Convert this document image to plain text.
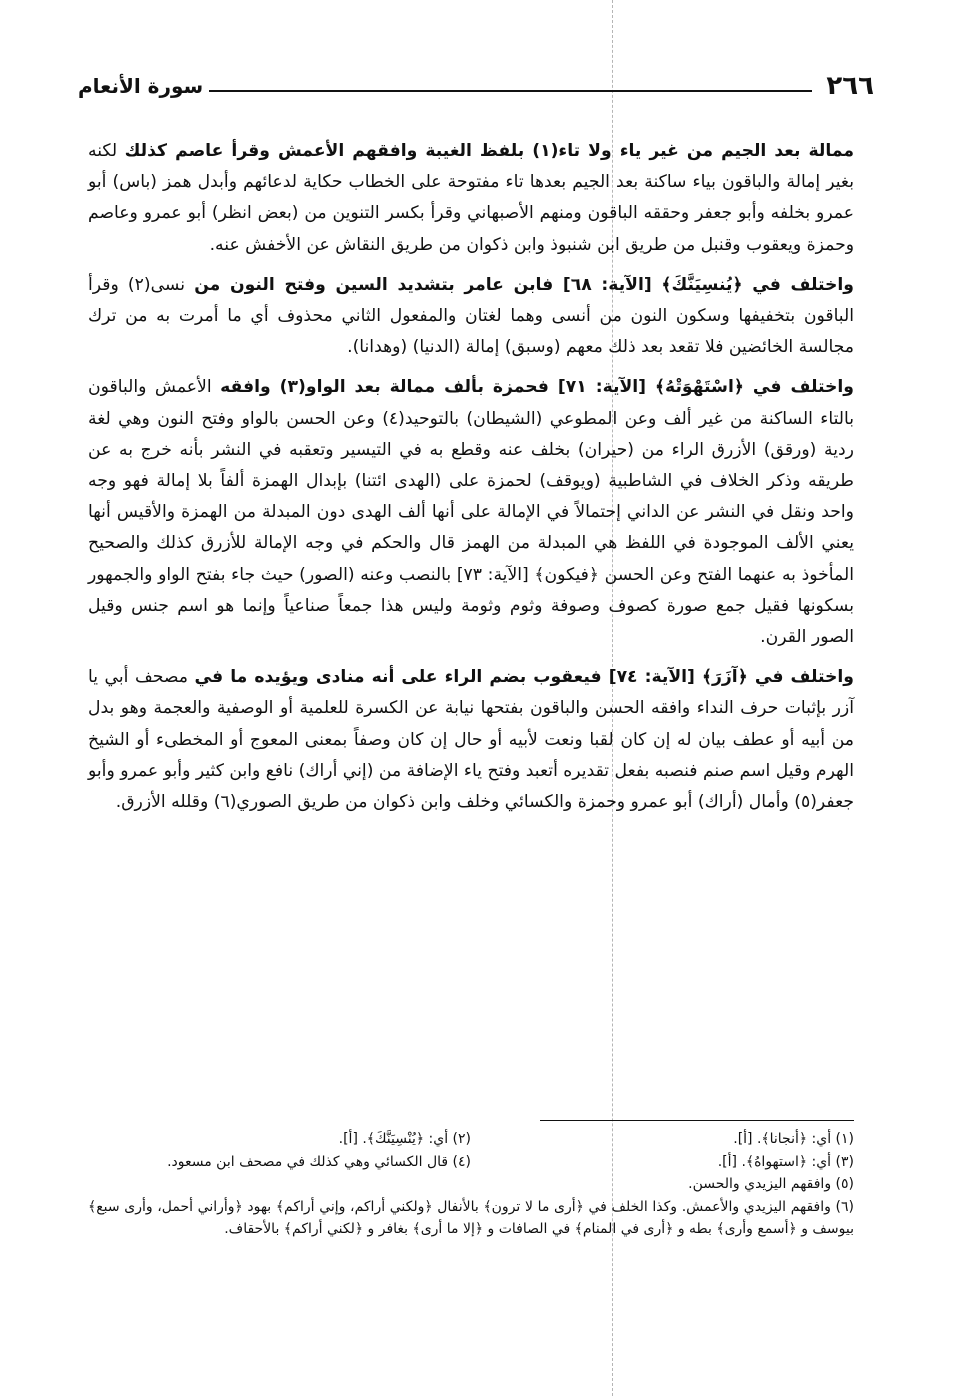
٢٦٦
سورة الأنعام

ممالة بعد الجيم من غير ياء ولا تاء(١) بلفظ الغيبة وافقهم الأعمش وقرأ عاصم كذلك لكنه بغير إمالة والباقون بياء ساكنة بعد الجيم بعدها تاء مفتوحة على الخطاب حكاية لدعائهم وأبدل همز (باس) أبو عمرو بخلفه وأبو جعفر وحققه الباقون ومنهم الأصبهاني وقرأ بكسر التنوين من (بعض انظر) أبو عمرو وعاصم وحمزة ويعقوب وقنبل من طريق ابن شنبوذ وابن ذكوان من طريق النقاش عن الأخفش عنه.

واختلف في ﴿يُنسِيَنَّكَ﴾ [الآية: ٦٨] فابن عامر بتشديد السين وفتح النون من نسى(٢) وقرأ الباقون بتخفيفها وسكون النون من أنسى وهما لغتان والمفعول الثاني محذوف أي ما أمرت به من ترك مجالسة الخائضين فلا تقعد بعد ذلك معهم (وسبق) إمالة (الدنيا) (وهدانا).

واختلف في ﴿اسْتَهْوَتْهُ﴾ [الآية: ٧١] فحمزة بألف ممالة بعد الواو(٣) وافقه الأعمش والباقون بالتاء الساكنة من غير ألف وعن المطوعي (الشيطان) بالتوحيد(٤) وعن الحسن بالواو وفتح النون وهي لغة ردية (ورقق) الأزرق الراء من (حيران) بخلف عنه وقطع به في التيسير وتعقبه في النشر بأنه خرج به عن طريقه وذكر الخلاف في الشاطبية (ويوقف) لحمزة على (الهدى ائتنا) بإبدال الهمزة ألفاً بلا إمالة فهو وجه واحد ونقل في النشر عن الداني إحتمالاً في الإمالة على أنها ألف الهدى دون المبدلة من الهمزة والأقيس أنها يعني الألف الموجودة في اللفظ هي المبدلة من الهمز قال والحكم في وجه الإمالة للأزرق كذلك والصحيح المأخوذ به عنهما الفتح وعن الحسن ﴿فيكون﴾ [الآية: ٧٣] بالنصب وعنه (الصور) حيث جاء بفتح الواو والجمهور بسكونها فقيل جمع صورة كصوف وصوفة وثوم وثومة وليس هذا جمعاً صناعياً وإنما هو اسم جنس وقيل الصور القرن.

واختلف في ﴿آزَرَ﴾ [الآية: ٧٤] فيعقوب بضم الراء على أنه منادى ويؤيده ما في مصحف أبي يا آزر بإثبات حرف النداء وافقه الحسن والباقون بفتحها نيابة عن الكسرة للعلمية أو الوصفية والعجمة وهو بدل من أبيه أو عطف بيان له إن كان لقبا ونعت لأبيه أو حال إن كان وصفاً بمعنى المعوج أو المخطىء أو الشيخ الهرم وقيل اسم صنم فنصبه بفعل تقديره أتعبد وفتح ياء الإضافة من (إني أراك) نافع وابن كثير وأبو عمرو وأبو جعفر(٥) وأمال (أراك) أبو عمرو وحمزة والكسائي وخلف وابن ذكوان من طريق الصوري(٦) وقلله الأزرق.

(١) أي: ﴿أنجانا﴾. [أ].
(٢) أي: ﴿يُنْسِيَنَّكَ﴾. [أ].
(٣) أي: ﴿استهواهُ﴾. [أ].
(٤) قال الكسائي وهي كذلك في مصحف ابن مسعود.
(٥) وافقهم اليزيدي والحسن.
(٦) وافقهم اليزيدي والأعمش. وكذا الخلف في ﴿أرى ما لا ترون﴾ بالأنفال ﴿ولكني أراكم، وإني أراكم﴾ بهود ﴿وأراني أحمل، وأرى سبع﴾ بيوسف و ﴿أسمع وأرى﴾ بطه و ﴿أرى في المنام﴾ في الصافات و ﴿إلا ما أرى﴾ بغافر و ﴿لكني أراكم﴾ بالأحقاف.
